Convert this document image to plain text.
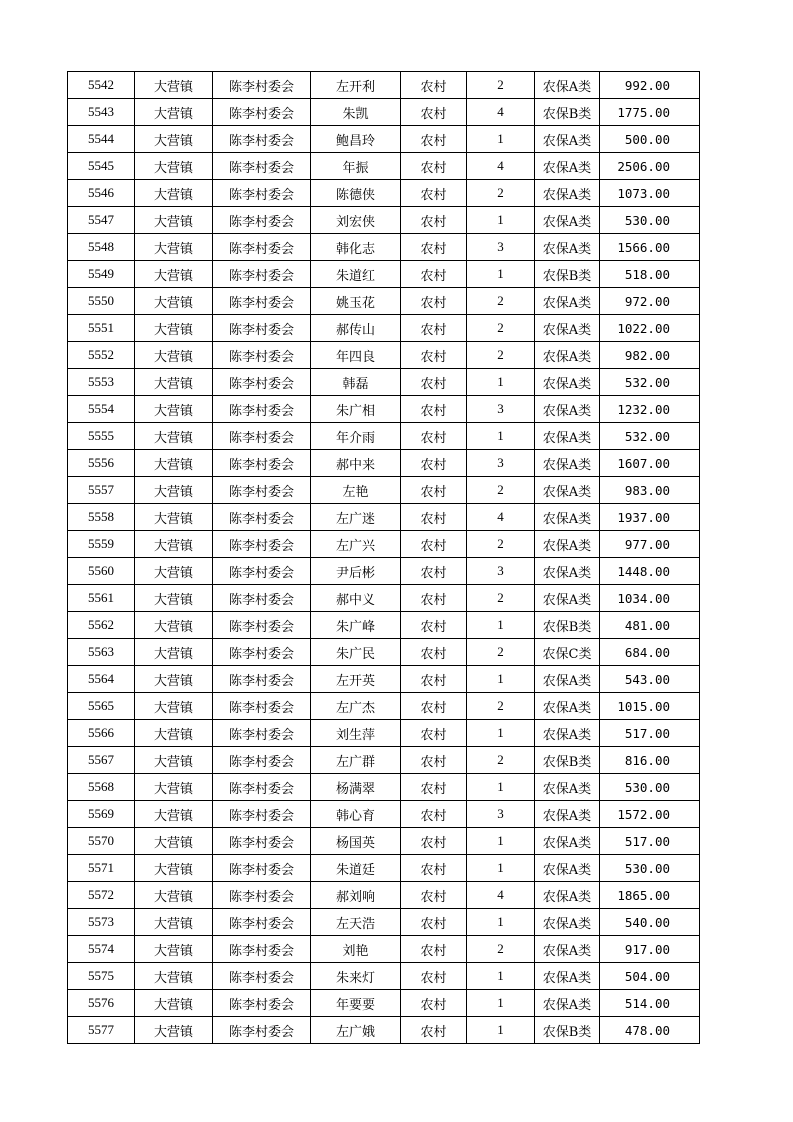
5542	大营镇	陈李村委会	左开利	农村	2	农保A类	992.00
5543	大营镇	陈李村委会	朱凯	农村	4	农保B类	1775.00
5544	大营镇	陈李村委会	鲍昌玲	农村	1	农保A类	500.00
5545	大营镇	陈李村委会	年振	农村	4	农保A类	2506.00
5546	大营镇	陈李村委会	陈德侠	农村	2	农保A类	1073.00
5547	大营镇	陈李村委会	刘宏侠	农村	1	农保A类	530.00
5548	大营镇	陈李村委会	韩化志	农村	3	农保A类	1566.00
5549	大营镇	陈李村委会	朱道红	农村	1	农保B类	518.00
5550	大营镇	陈李村委会	姚玉花	农村	2	农保A类	972.00
5551	大营镇	陈李村委会	郝传山	农村	2	农保A类	1022.00
5552	大营镇	陈李村委会	年四良	农村	2	农保A类	982.00
5553	大营镇	陈李村委会	韩磊	农村	1	农保A类	532.00
5554	大营镇	陈李村委会	朱广相	农村	3	农保A类	1232.00
5555	大营镇	陈李村委会	年介雨	农村	1	农保A类	532.00
5556	大营镇	陈李村委会	郝中来	农村	3	农保A类	1607.00
5557	大营镇	陈李村委会	左艳	农村	2	农保A类	983.00
5558	大营镇	陈李村委会	左广迷	农村	4	农保A类	1937.00
5559	大营镇	陈李村委会	左广兴	农村	2	农保A类	977.00
5560	大营镇	陈李村委会	尹后彬	农村	3	农保A类	1448.00
5561	大营镇	陈李村委会	郝中义	农村	2	农保A类	1034.00
5562	大营镇	陈李村委会	朱广峰	农村	1	农保B类	481.00
5563	大营镇	陈李村委会	朱广民	农村	2	农保C类	684.00
5564	大营镇	陈李村委会	左开英	农村	1	农保A类	543.00
5565	大营镇	陈李村委会	左广杰	农村	2	农保A类	1015.00
5566	大营镇	陈李村委会	刘生萍	农村	1	农保A类	517.00
5567	大营镇	陈李村委会	左广群	农村	2	农保B类	816.00
5568	大营镇	陈李村委会	杨满翠	农村	1	农保A类	530.00
5569	大营镇	陈李村委会	韩心育	农村	3	农保A类	1572.00
5570	大营镇	陈李村委会	杨国英	农村	1	农保A类	517.00
5571	大营镇	陈李村委会	朱道廷	农村	1	农保A类	530.00
5572	大营镇	陈李村委会	郝刘响	农村	4	农保A类	1865.00
5573	大营镇	陈李村委会	左天浩	农村	1	农保A类	540.00
5574	大营镇	陈李村委会	刘艳	农村	2	农保A类	917.00
5575	大营镇	陈李村委会	朱来灯	农村	1	农保A类	504.00
5576	大营镇	陈李村委会	年要要	农村	1	农保A类	514.00
5577	大营镇	陈李村委会	左广娥	农村	1	农保B类	478.00
